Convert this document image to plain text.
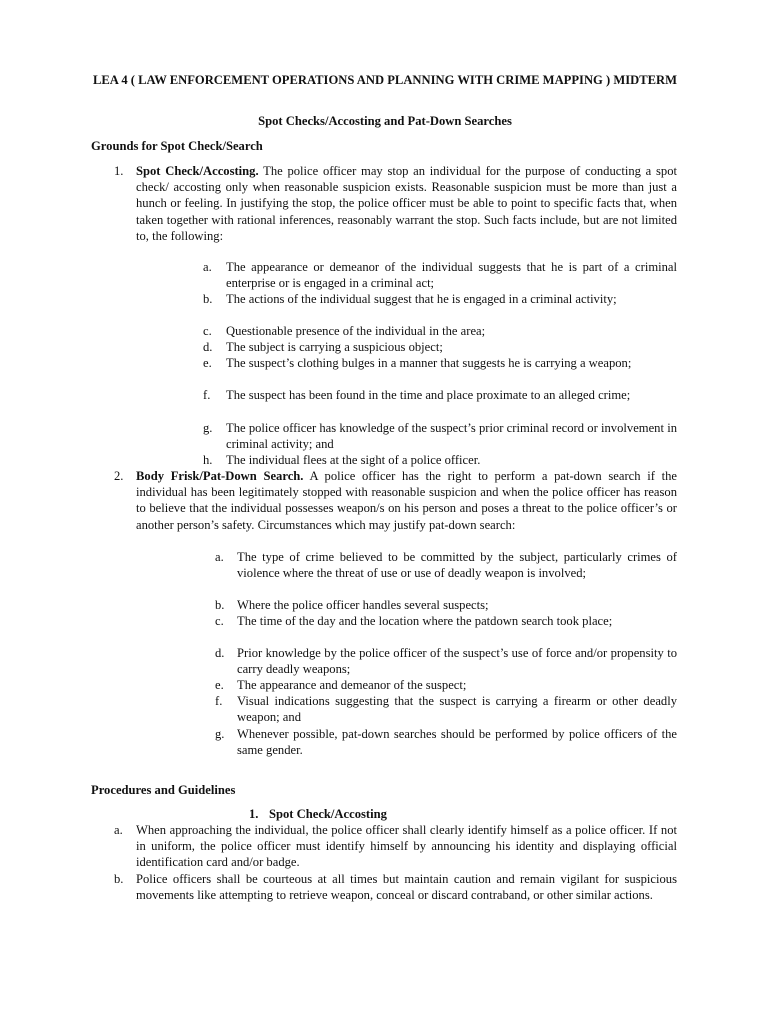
LEA 4 ( LAW ENFORCEMENT OPERATIONS AND PLANNING WITH CRIME MAPPING ) MIDTERM
Spot Checks/Accosting and Pat-Down Searches
Grounds for Spot Check/Search
1. Spot Check/Accosting. The police officer may stop an individual for the purpose of conducting a spot check/ accosting only when reasonable suspicion exists. Reasonable suspicion must be more than just a hunch or feeling. In justifying the stop, the police officer must be able to point to specific facts that, when taken together with rational inferences, reasonably warrant the stop. Such facts include, but are not limited to, the following:
a. The appearance or demeanor of the individual suggests that he is part of a criminal enterprise or is engaged in a criminal act;
b. The actions of the individual suggest that he is engaged in a criminal activity;
c. Questionable presence of the individual in the area;
d. The subject is carrying a suspicious object;
e. The suspect’s clothing bulges in a manner that suggests he is carrying a weapon;
f. The suspect has been found in the time and place proximate to an alleged crime;
g. The police officer has knowledge of the suspect’s prior criminal record or involvement in criminal activity; and
h. The individual flees at the sight of a police officer.
2. Body Frisk/Pat-Down Search. A police officer has the right to perform a pat-down search if the individual has been legitimately stopped with reasonable suspicion and when the police officer has reason to believe that the individual possesses weapon/s on his person and poses a threat to the police officer’s or another person’s safety. Circumstances which may justify pat-down search:
a. The type of crime believed to be committed by the subject, particularly crimes of violence where the threat of use or use of deadly weapon is involved;
b. Where the police officer handles several suspects;
c. The time of the day and the location where the patdown search took place;
d. Prior knowledge by the police officer of the suspect’s use of force and/or propensity to carry deadly weapons;
e. The appearance and demeanor of the suspect;
f. Visual indications suggesting that the suspect is carrying a firearm or other deadly weapon; and
g. Whenever possible, pat-down searches should be performed by police officers of the same gender.
Procedures and Guidelines
1. Spot Check/Accosting
a. When approaching the individual, the police officer shall clearly identify himself as a police officer. If not in uniform, the police officer must identify himself by announcing his identity and displaying official identification card and/or badge.
b. Police officers shall be courteous at all times but maintain caution and remain vigilant for suspicious movements like attempting to retrieve weapon, conceal or discard contraband, or other similar actions.
